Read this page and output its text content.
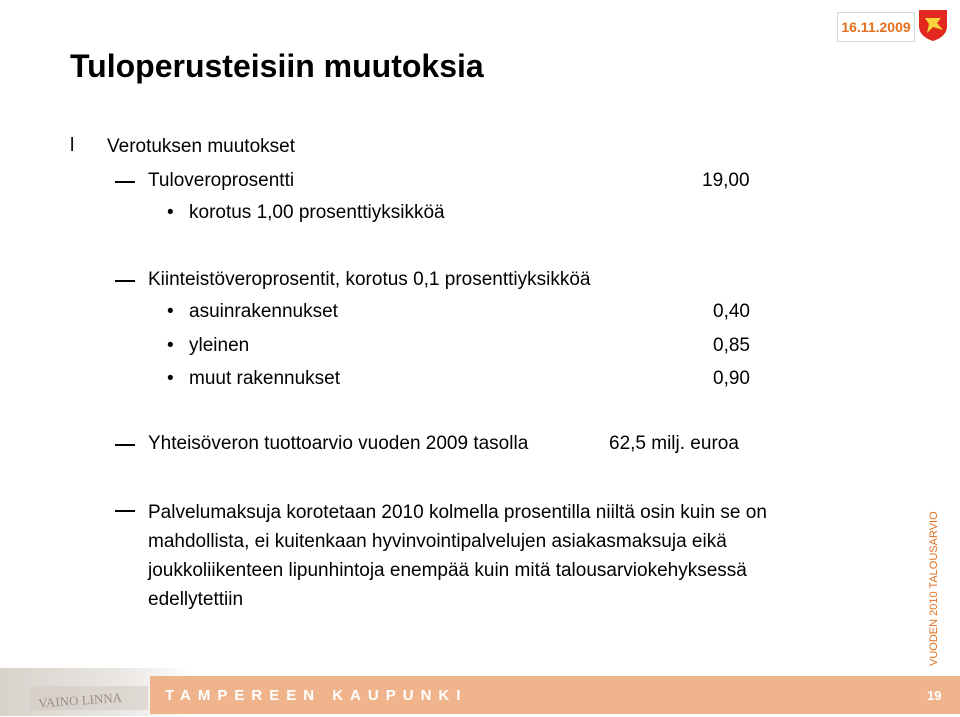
16.11.2009
Tuloperusteisiin muutoksia
l Verotuksen muutokset
Tuloveroprosentti	19,00
• korotus 1,00 prosenttiyksikköä
Kiinteistöveroprosentit, korotus 0,1 prosenttiyksikköä
• asuinrakennukset	0,40
• yleinen	0,85
• muut rakennukset	0,90
Yhteisöveron tuottoarvio vuoden 2009 tasolla	62,5 milj. euroa
Palvelumaksuja korotetaan 2010 kolmella prosentilla niiltä osin kuin se on
mahdollista, ei kuitenkaan hyvinvointipalvelujen asiakasmaksuja eikä
joukkoliikenteen lipunhintoja enempää kuin mitä talousarviokehyksessä
edellytettiin	VUODEN 2010 TALOUSARVIO
VAINO LINNA	TAMPEREEN KAUPUNKI	19
